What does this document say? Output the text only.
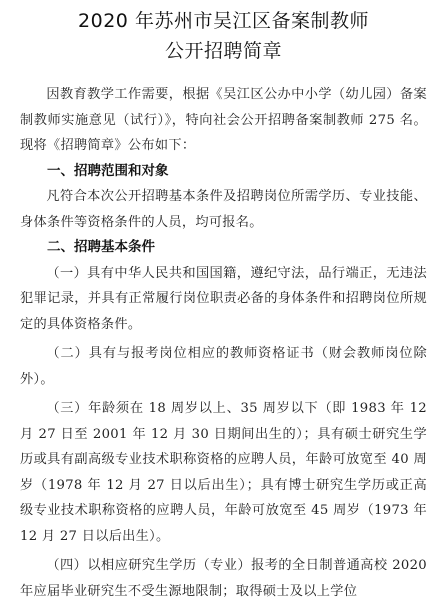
2020 年苏州市吴江区备案制教师

公开招聘简章

因教育教学工作需要，根据《吴江区公办中小学（幼儿园）备案制教师实施意见（试行）》，特向社会公开招聘备案制教师 275 名。现将《招聘简章》公布如下：

一、招聘范围和对象

凡符合本次公开招聘基本条件及招聘岗位所需学历、专业技能、身体条件等资格条件的人员，均可报名。

二、招聘基本条件

（一）具有中华人民共和国国籍，遵纪守法，品行端正，无违法犯罪记录，并具有正常履行岗位职责必备的身体条件和招聘岗位所规定的具体资格条件。

（二）具有与报考岗位相应的教师资格证书（财会教师岗位除外）。

（三）年龄须在 18 周岁以上、35 周岁以下（即 1983 年 12 月 27 日至 2001 年 12 月 30 日期间出生的）；具有硕士研究生学历或具有副高级专业技术职称资格的应聘人员，年龄可放宽至 40 周岁（1978 年 12 月 27 日以后出生）；具有博士研究生学历或正高级专业技术职称资格的应聘人员，年龄可放宽至 45 周岁（1973 年 12 月 27 日以后出生）。

（四）以相应研究生学历（专业）报考的全日制普通高校 2020 年应届毕业研究生不受生源地限制；取得硕士及以上学位
